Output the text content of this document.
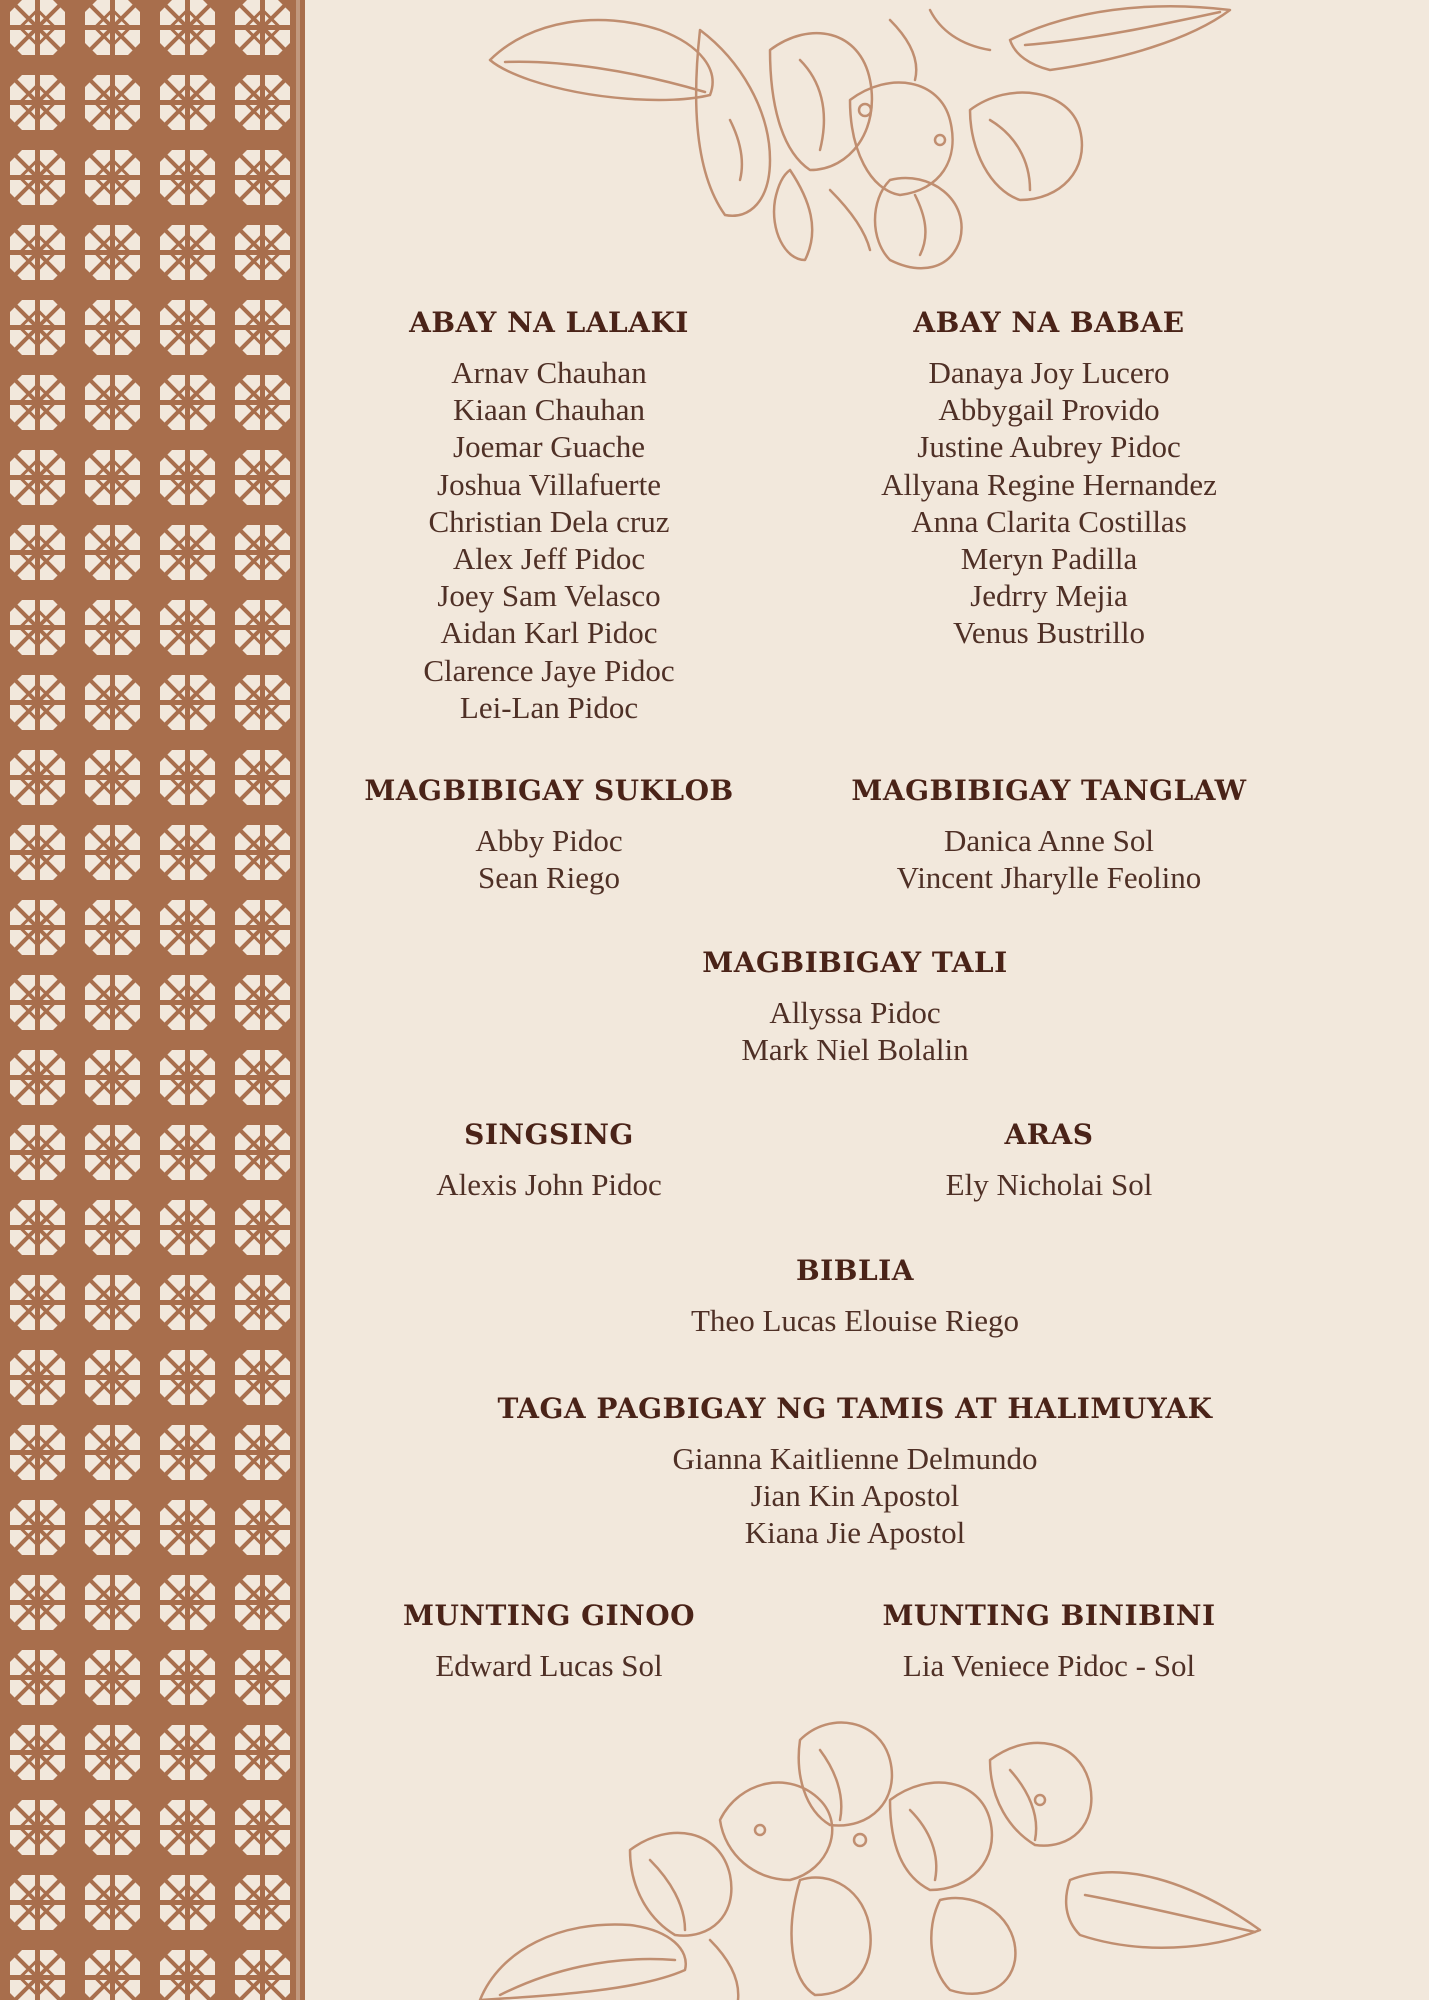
ABAY NA LALAKI
Arnav Chauhan
Kiaan Chauhan
Joemar Guache
Joshua Villafuerte
Christian Dela cruz
Alex Jeff Pidoc
Joey Sam Velasco
Aidan Karl Pidoc
Clarence Jaye Pidoc
Lei-Lan Pidoc
ABAY NA BABAE
Danaya Joy Lucero
Abbygail Provido
Justine Aubrey Pidoc
Allyana Regine Hernandez
Anna Clarita Costillas
Meryn Padilla
Jedrry Mejia
Venus Bustrillo
MAGBIBIGAY SUKLOB
Abby Pidoc
Sean Riego
MAGBIBIGAY TANGLAW
Danica Anne Sol
Vincent Jharylle Feolino
MAGBIBIGAY TALI
Allyssa Pidoc
Mark Niel Bolalin
SINGSING
Alexis John Pidoc
ARAS
Ely Nicholai Sol
BIBLIA
Theo Lucas Elouise Riego
TAGA PAGBIGAY NG TAMIS AT HALIMUYAK
Gianna Kaitlienne Delmundo
Jian Kin Apostol
Kiana Jie Apostol
MUNTING GINOO
Edward Lucas Sol
MUNTING BINIBINI
Lia Veniece Pidoc - Sol
